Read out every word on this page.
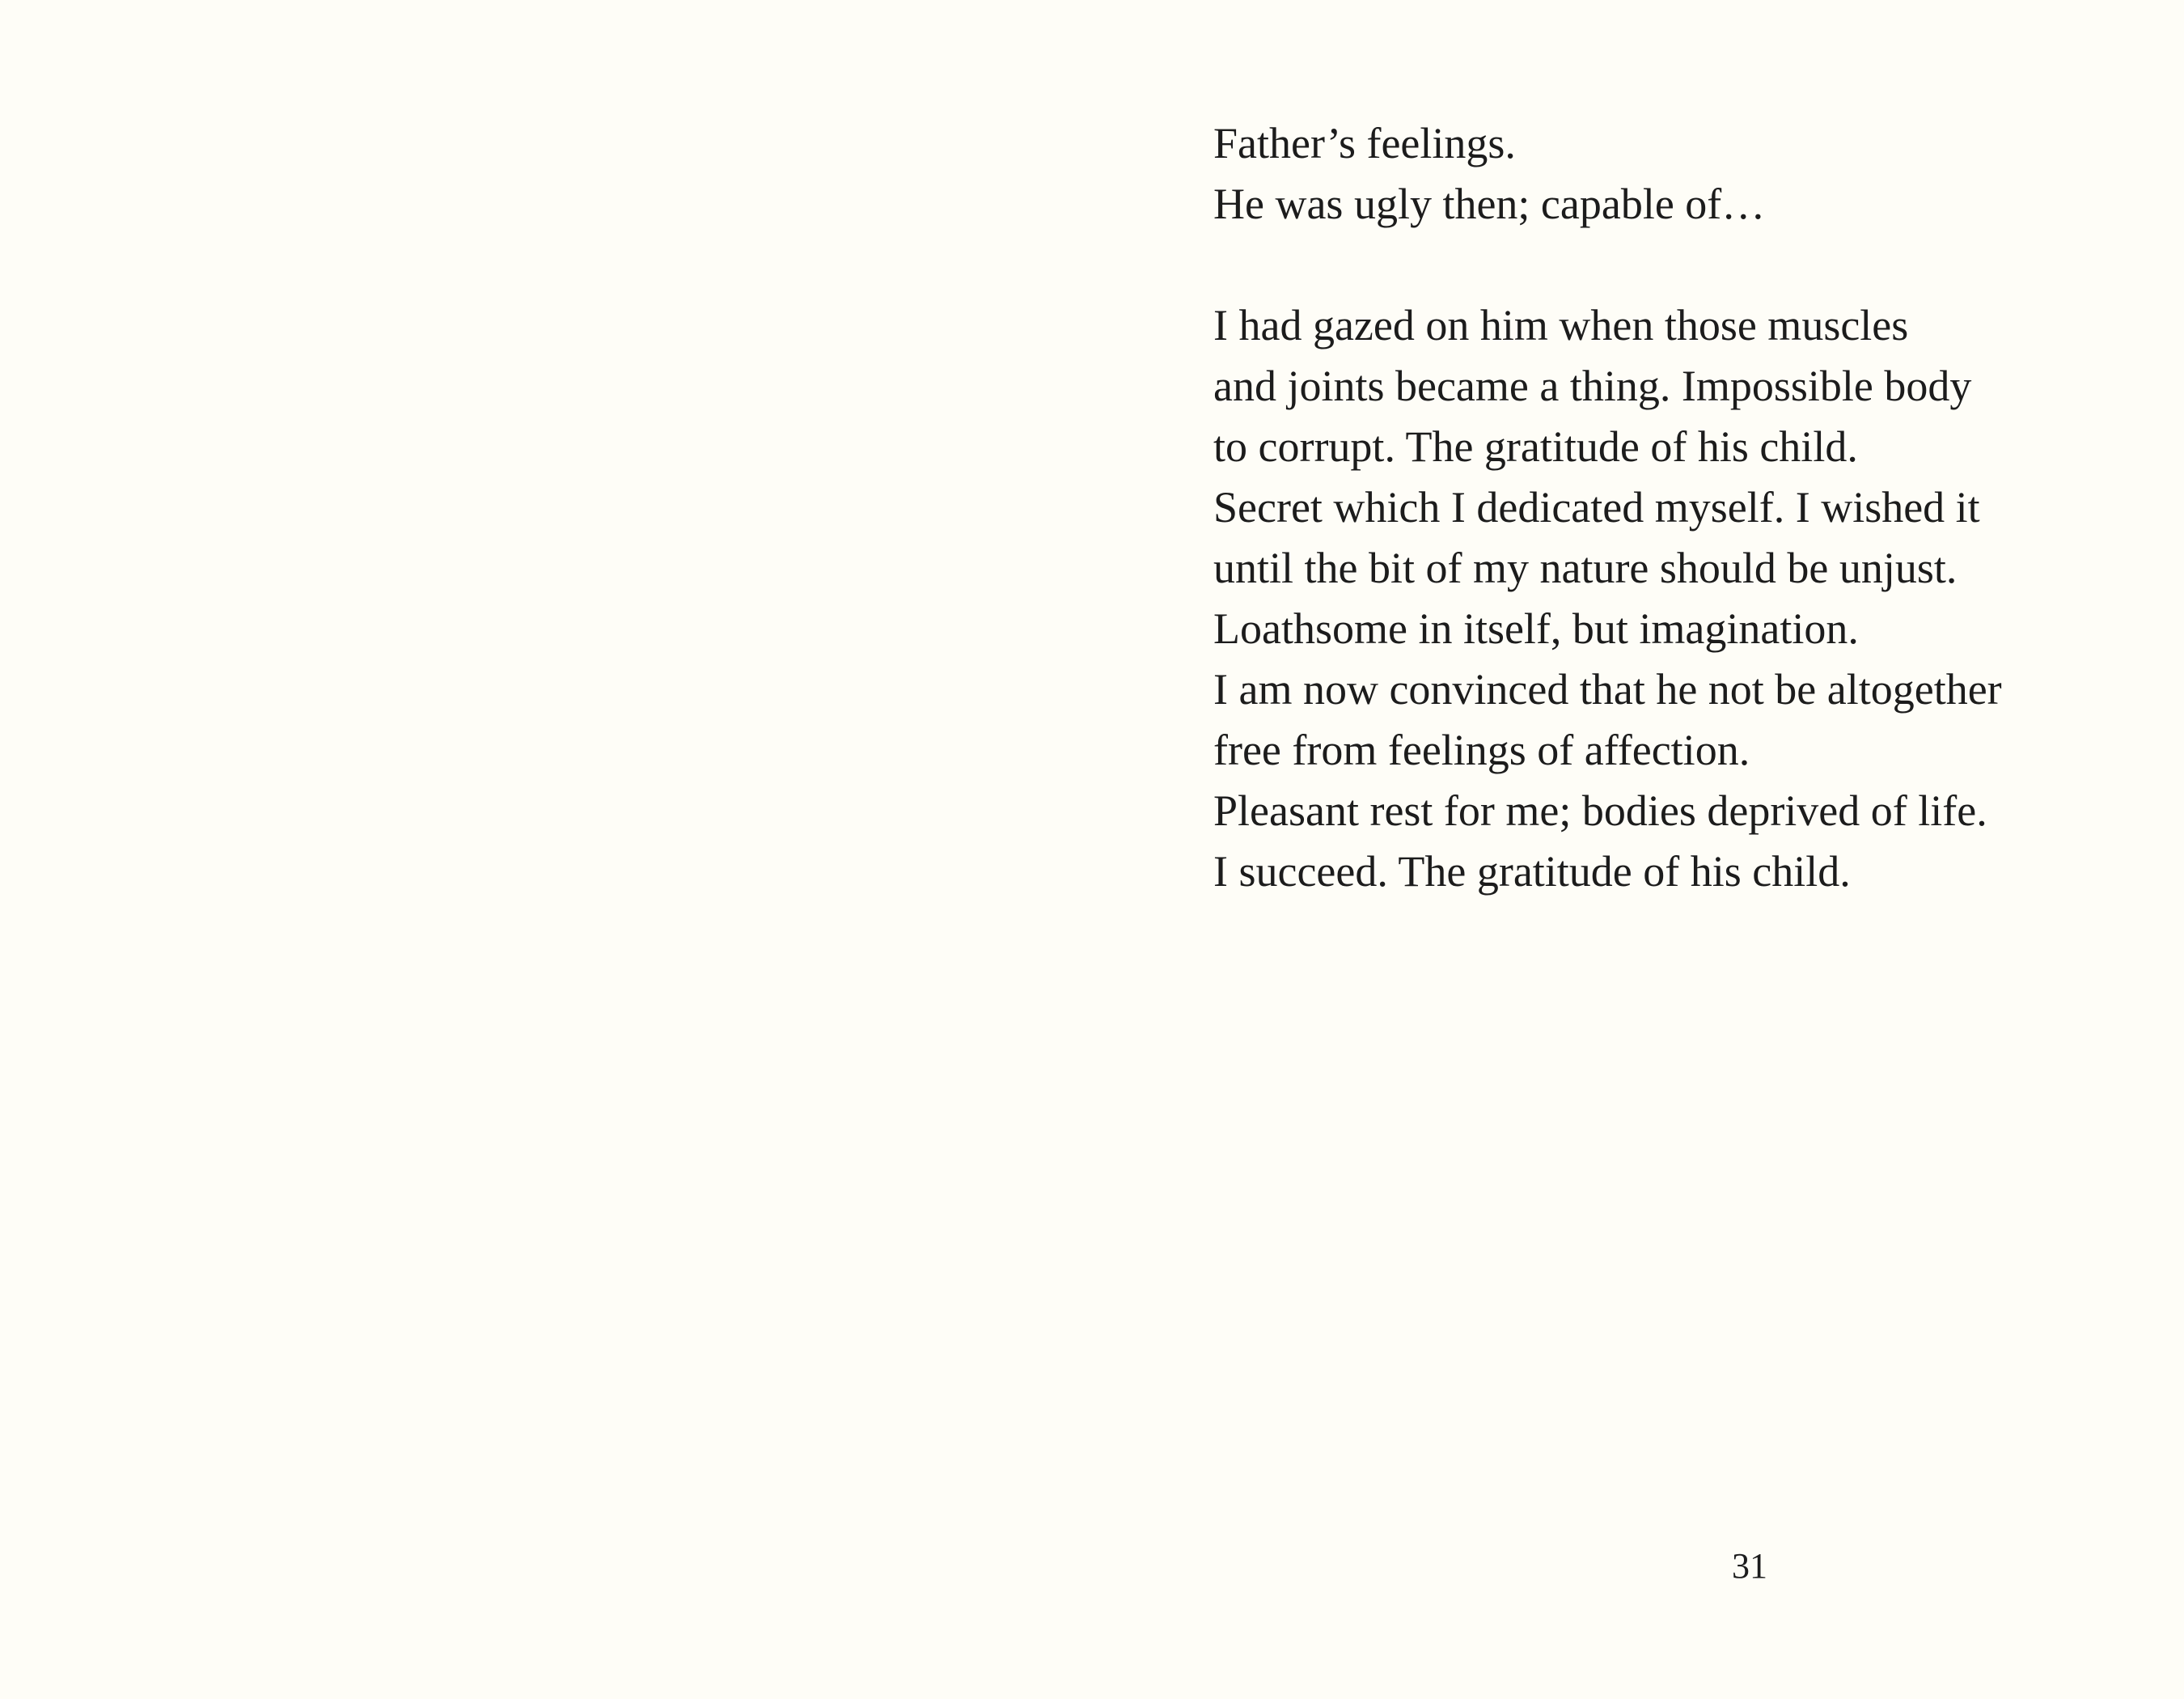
Father’s feelings.
He was ugly then; capable of…

I had gazed on him when those muscles
and joints became a thing. Impossible body
to corrupt. The gratitude of his child.
Secret which I dedicated myself. I wished it
until the bit of my nature should be unjust.
Loathsome in itself, but imagination.
I am now convinced that he not be altogether
free from feelings of affection.
Pleasant rest for me; bodies deprived of life.
I succeed. The gratitude of his child.

31
